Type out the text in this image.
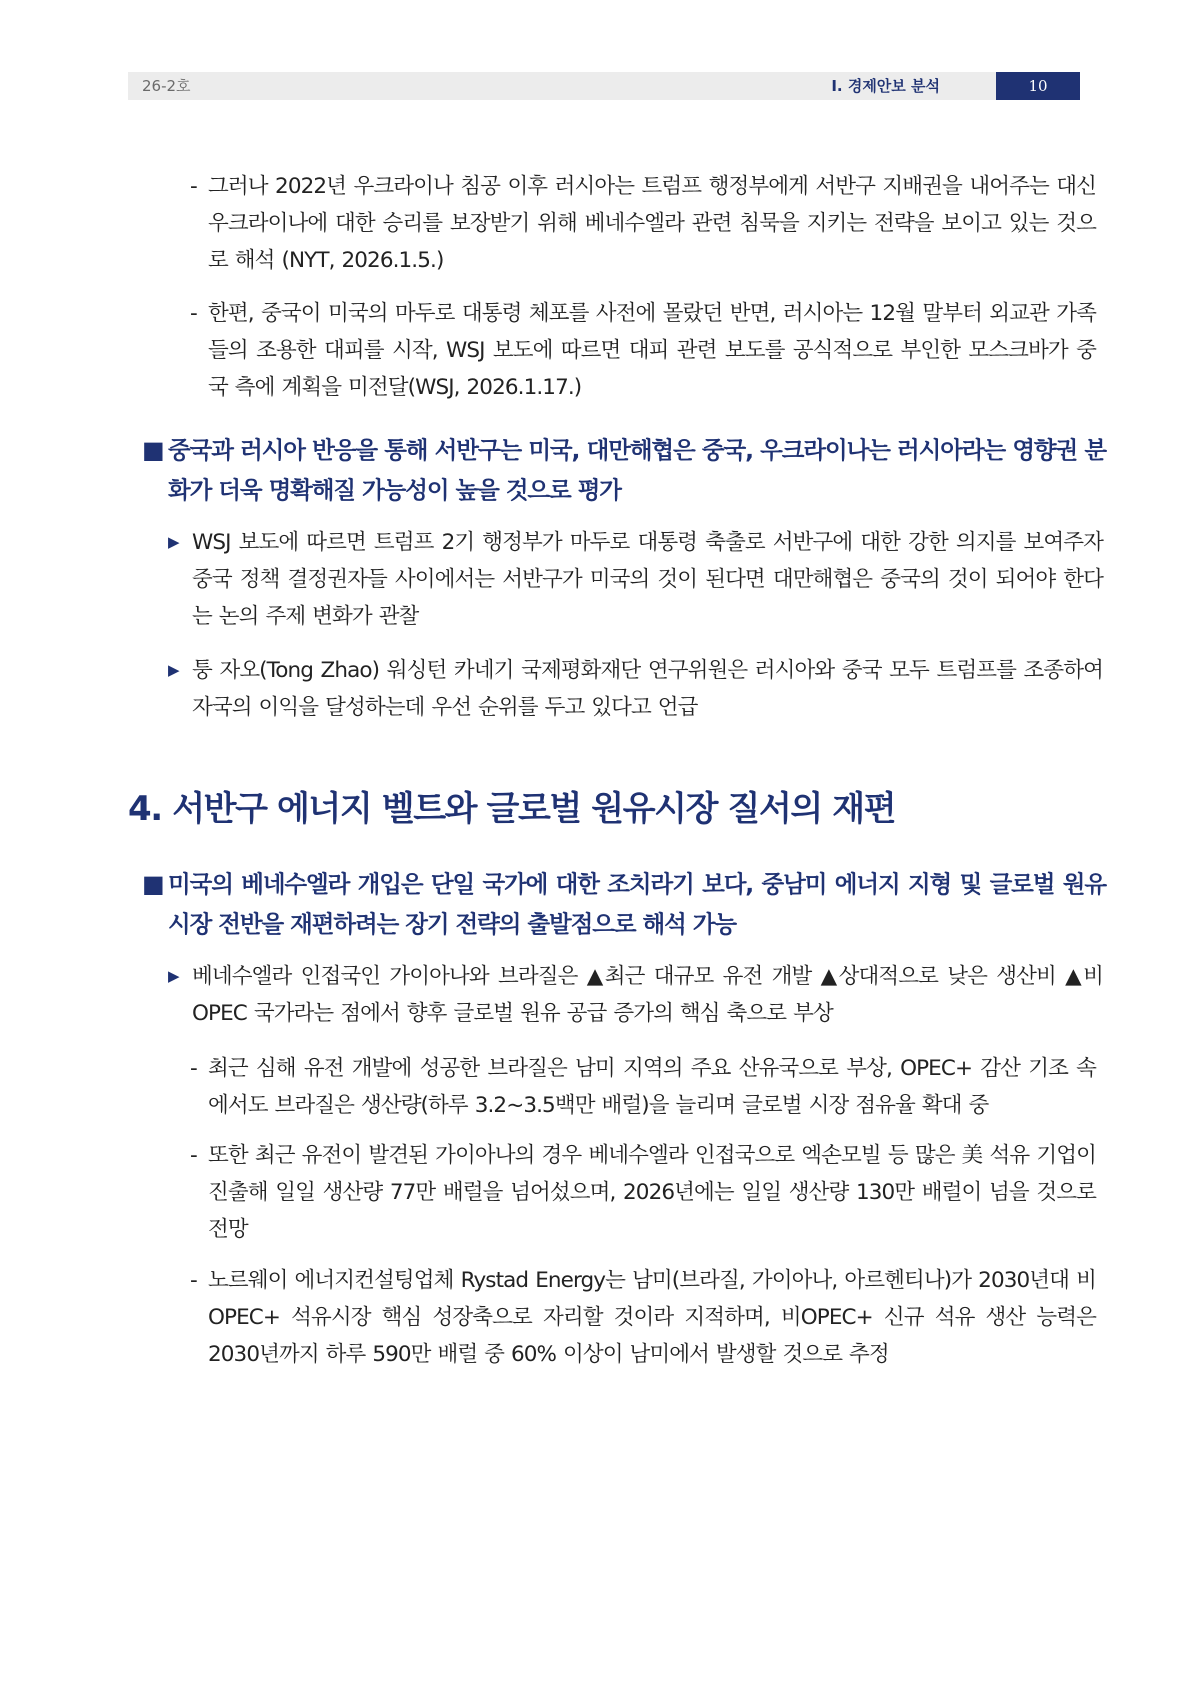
26-2호	Ⅰ. 경제안보 분석	10

- 그러나 2022년 우크라이나 침공 이후 러시아는 트럼프 행정부에게 서반구 지배권을 내어주는 대신 우크라이나에 대한 승리를 보장받기 위해 베네수엘라 관련 침묵을 지키는 전략을 보이고 있는 것으로 해석 (NYT, 2026.1.5.)

- 한편, 중국이 미국의 마두로 대통령 체포를 사전에 몰랐던 반면, 러시아는 12월 말부터 외교관 가족들의 조용한 대피를 시작, WSJ 보도에 따르면 대피 관련 보도를 공식적으로 부인한 모스크바가 중국 측에 계획을 미전달(WSJ, 2026.1.17.)

■ 중국과 러시아 반응을 통해 서반구는 미국, 대만해협은 중국, 우크라이나는 러시아라는 영향권 분화가 더욱 명확해질 가능성이 높을 것으로 평가

▶ WSJ 보도에 따르면 트럼프 2기 행정부가 마두로 대통령 축출로 서반구에 대한 강한 의지를 보여주자 중국 정책 결정권자들 사이에서는 서반구가 미국의 것이 된다면 대만해협은 중국의 것이 되어야 한다는 논의 주제 변화가 관찰

▶ 퉁 자오(Tong Zhao) 워싱턴 카네기 국제평화재단 연구위원은 러시아와 중국 모두 트럼프를 조종하여 자국의 이익을 달성하는데 우선 순위를 두고 있다고 언급

4. 서반구 에너지 벨트와 글로벌 원유시장 질서의 재편

■ 미국의 베네수엘라 개입은 단일 국가에 대한 조치라기 보다, 중남미 에너지 지형 및 글로벌 원유시장 전반을 재편하려는 장기 전략의 출발점으로 해석 가능

▶ 베네수엘라 인접국인 가이아나와 브라질은 ▲최근 대규모 유전 개발 ▲상대적으로 낮은 생산비 ▲비OPEC 국가라는 점에서 향후 글로벌 원유 공급 증가의 핵심 축으로 부상

- 최근 심해 유전 개발에 성공한 브라질은 남미 지역의 주요 산유국으로 부상, OPEC+ 감산 기조 속에서도 브라질은 생산량(하루 3.2~3.5백만 배럴)을 늘리며 글로벌 시장 점유율 확대 중

- 또한 최근 유전이 발견된 가이아나의 경우 베네수엘라 인접국으로 엑손모빌 등 많은 美 석유 기업이 진출해 일일 생산량 77만 배럴을 넘어섰으며, 2026년에는 일일 생산량 130만 배럴이 넘을 것으로 전망

- 노르웨이 에너지컨설팅업체 Rystad Energy는 남미(브라질, 가이아나, 아르헨티나)가 2030년대 비OPEC+ 석유시장 핵심 성장축으로 자리할 것이라 지적하며, 비OPEC+ 신규 석유 생산 능력은 2030년까지 하루 590만 배럴 중 60% 이상이 남미에서 발생할 것으로 추정
